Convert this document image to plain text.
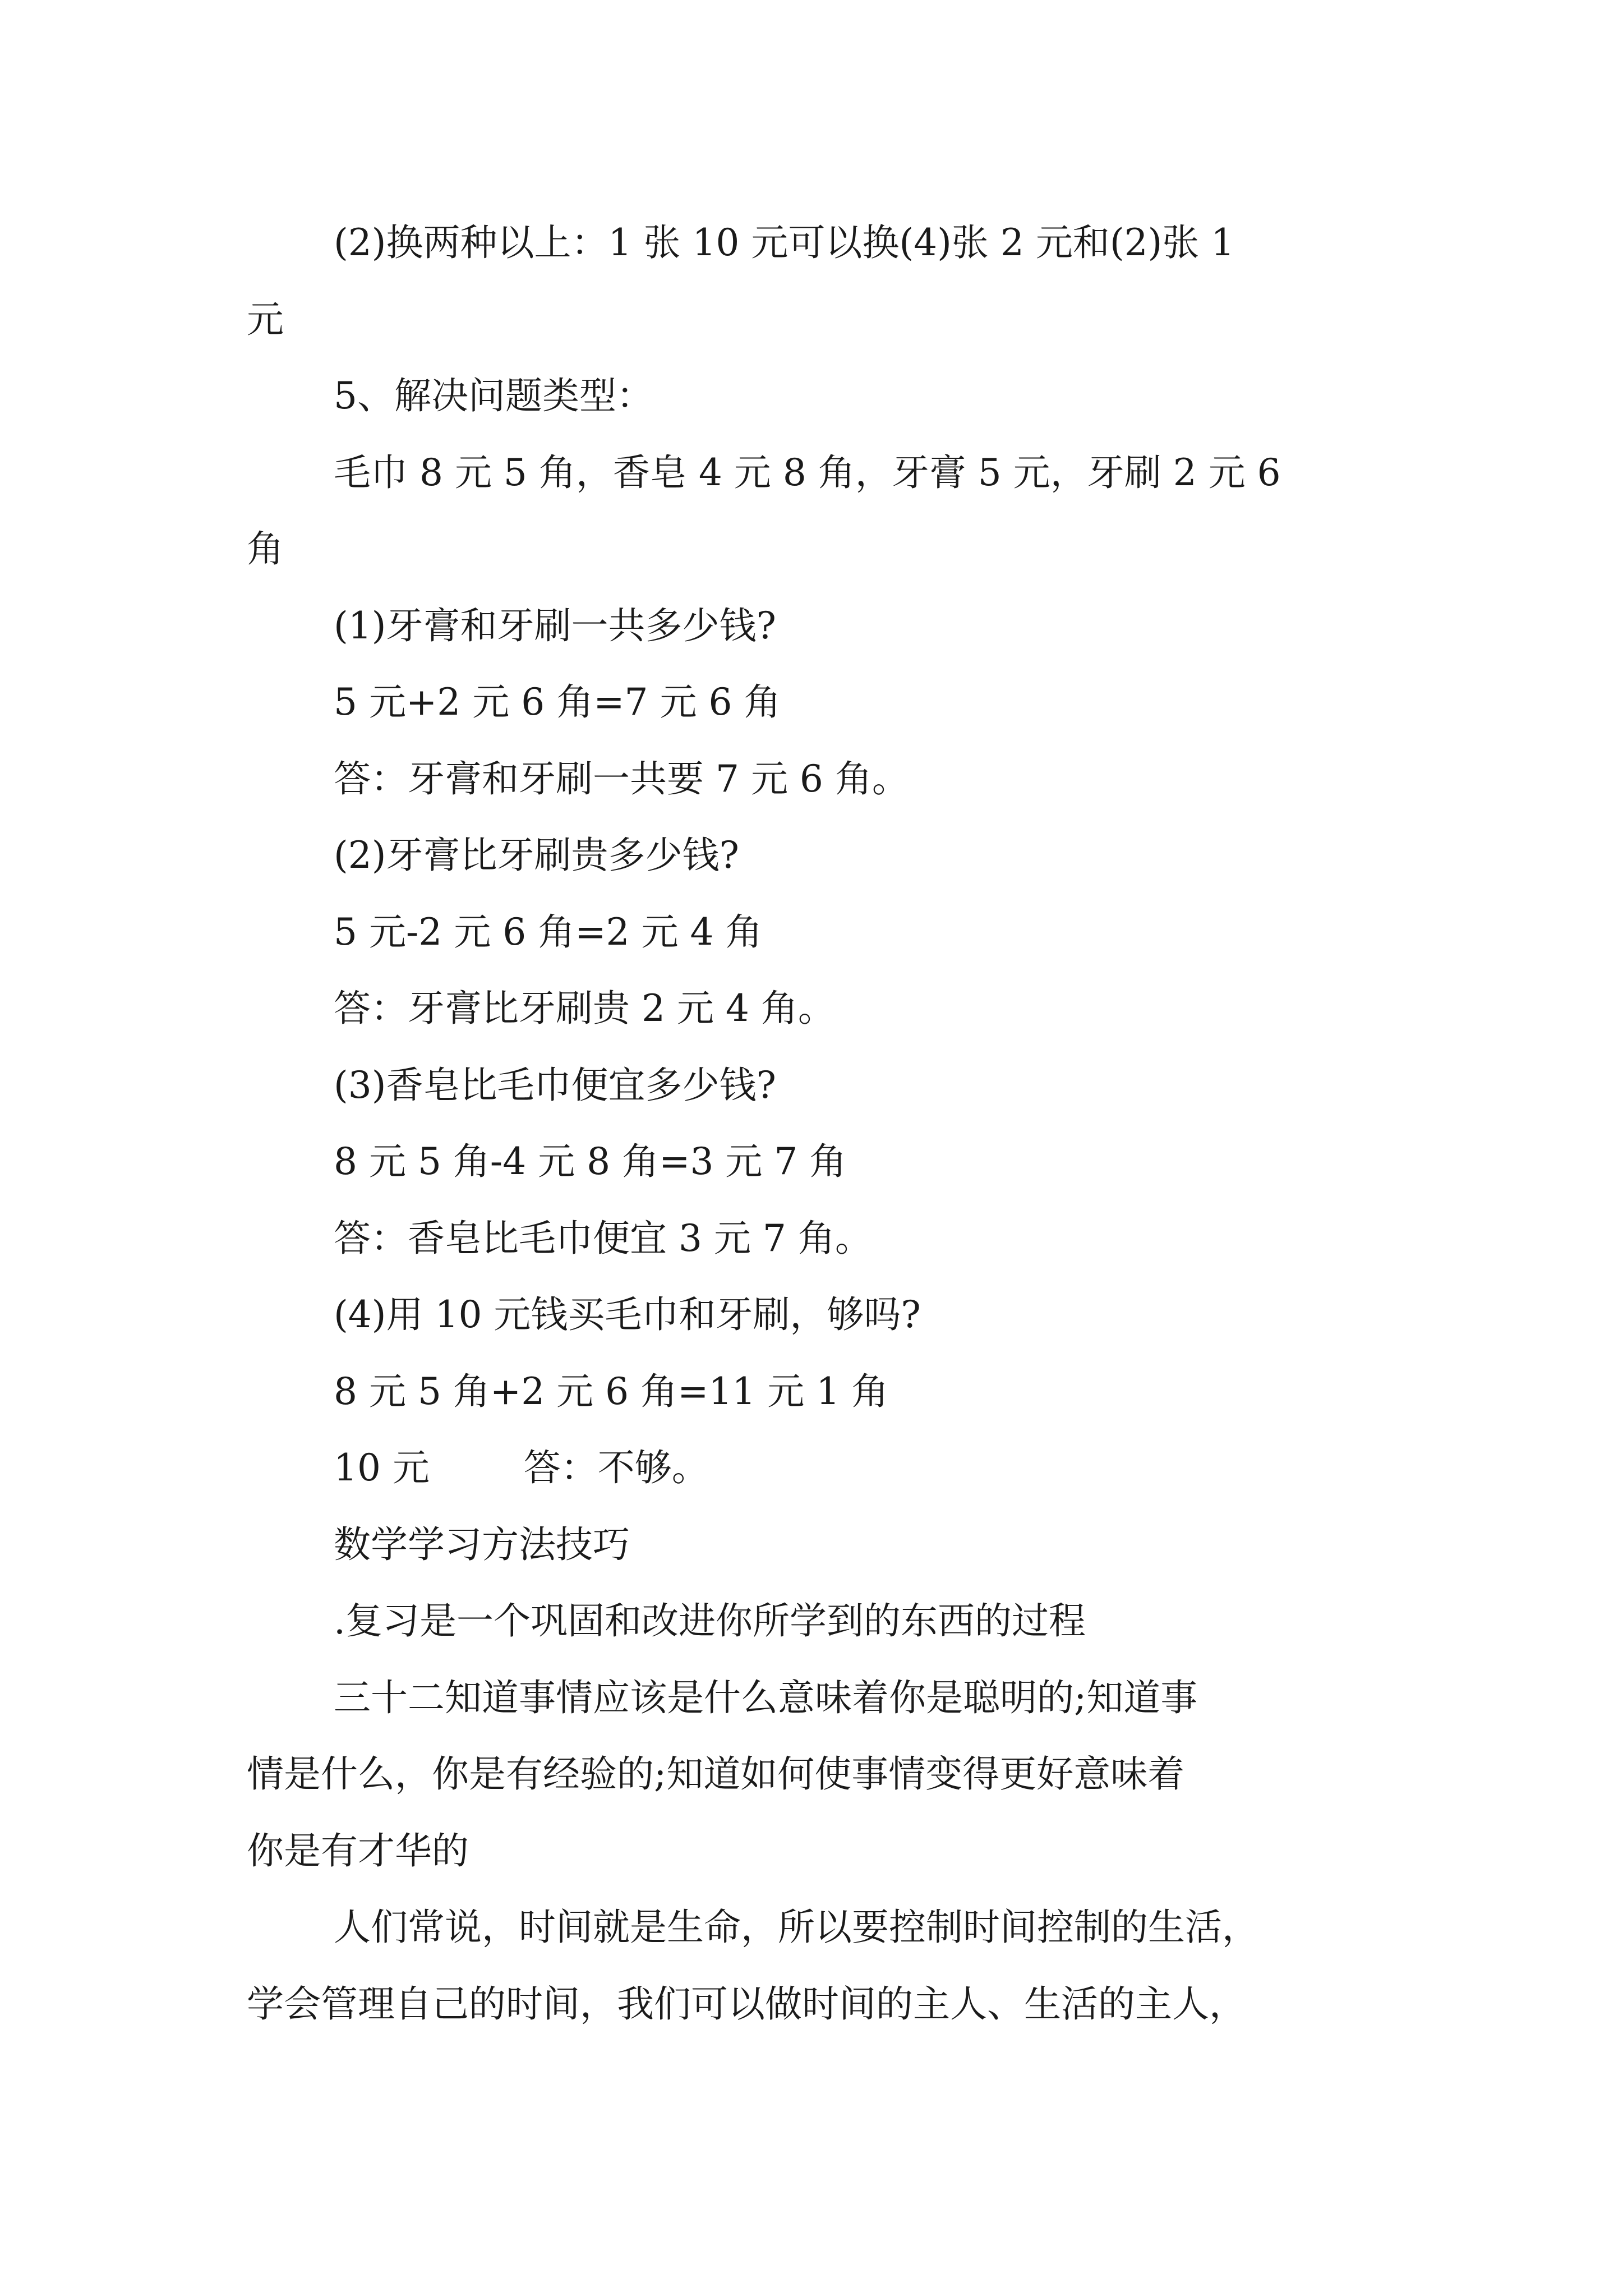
(2)换两种以上：1 张 10 元可以换(4)张 2 元和(2)张 1
元
5、解决问题类型：
毛巾 8 元 5 角，香皂 4 元 8 角，牙膏 5 元，牙刷 2 元 6
角
(1)牙膏和牙刷一共多少钱?
5 元+2 元 6 角=7 元 6 角
答：牙膏和牙刷一共要 7 元 6 角。
(2)牙膏比牙刷贵多少钱?
5 元-2 元 6 角=2 元 4 角
答：牙膏比牙刷贵 2 元 4 角。
(3)香皂比毛巾便宜多少钱?
8 元 5 角-4 元 8 角=3 元 7 角
答：香皂比毛巾便宜 3 元 7 角。
(4)用 10 元钱买毛巾和牙刷，够吗?
8 元 5 角+2 元 6 角=11 元 1 角
10 元        答：不够。
数学学习方法技巧
.复习是一个巩固和改进你所学到的东西的过程
三十二知道事情应该是什么意味着你是聪明的;知道事
情是什么，你是有经验的;知道如何使事情变得更好意味着
你是有才华的
人们常说，时间就是生命，所以要控制时间控制的生活，
学会管理自己的时间，我们可以做时间的主人、生活的主人，
